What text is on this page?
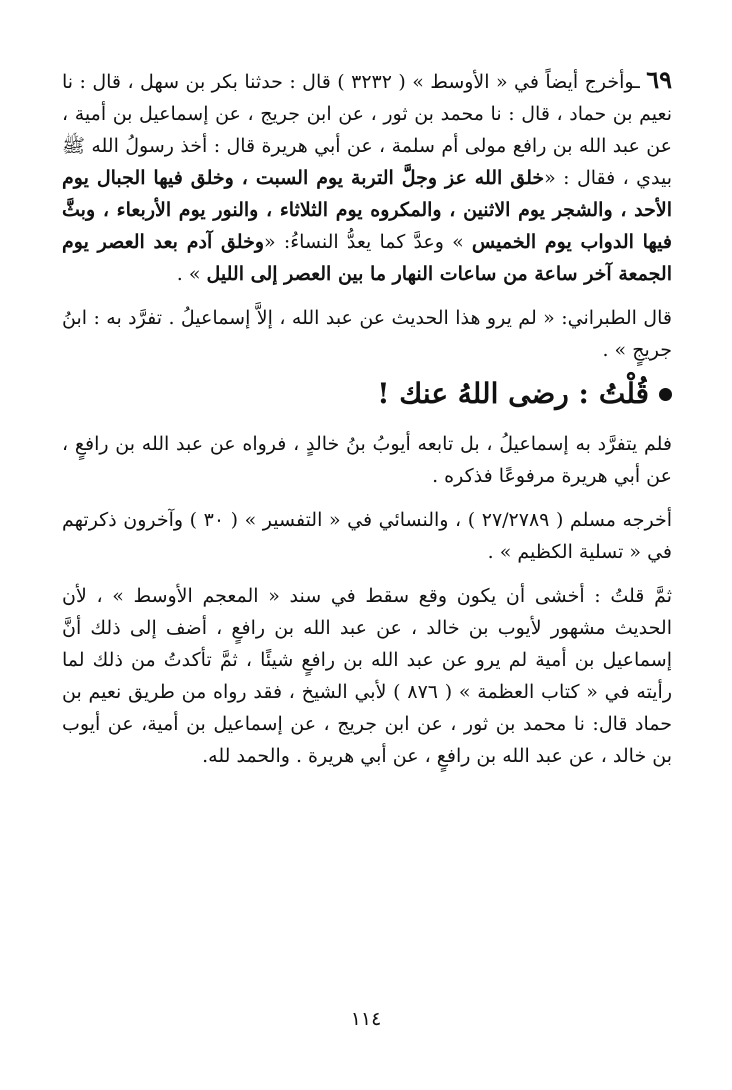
٦٩ ـوأخرج أيضاً في « الأوسط » ( ٣٢٣٢ ) قال : حدثنا بكر بن سهل ، قال : نا نعيم بن حماد ، قال : نا محمد بن ثور ، عن ابن جريج ، عن إسماعيل بن أمية ، عن عبد الله بن رافع مولى أم سلمة ، عن أبي هريرة قال : أخذ رسولُ الله ﷺ بيدي ، فقال : «خلق الله عز وجلَّ التربة يوم السبت ، وخلق فيها الجبال يوم الأحد ، والشجر يوم الاثنين ، والمكروه يوم الثلاثاء ، والنور يوم الأربعاء ، وبثَّ فيها الدواب يوم الخميس » وعدَّ كما يعدُّ النساءُ: «وخلق آدم بعد العصر يوم الجمعة آخر ساعة من ساعات النهار ما بين العصر إلى الليل » .

قال الطبراني: « لم يرو هذا الحديث عن عبد الله ، إلاَّ إسماعيلُ . تفرَّد به : ابنُ جريجٍ » .

قُلْتُ
: رضى اللهُ عنك !

فلم يتفرَّد به إسماعيلُ ، بل تابعه أيوبُ بنُ خالدٍ ، فرواه عن عبد الله بن رافعٍ ، عن أبي هريرة مرفوعًا فذكره .

أخرجه مسلم ( ٢٧/٢٧٨٩ ) ، والنسائي في « التفسير » ( ٣٠ ) وآخرون ذكرتهم في « تسلية الكظيم » .

ثمَّ قلتُ : أخشى أن يكون وقع سقط في سند « المعجم الأوسط » ، لأن الحديث مشهور لأيوب بن خالد ، عن عبد الله بن رافعٍ ، أضف إلى ذلك أنَّ إسماعيل بن أمية لم يرو عن عبد الله بن رافعٍ شيئًا ، ثمَّ تأكدتُ من ذلك لما رأيته في « كتاب العظمة » ( ٨٧٦ ) لأبي الشيخ ، فقد رواه من طريق نعيم بن حماد قال: نا محمد بن ثور ، عن ابن جريج ، عن إسماعيل بن أمية، عن أيوب بن خالد ، عن عبد الله بن رافعٍ ، عن أبي هريرة . والحمد لله.

١١٤
